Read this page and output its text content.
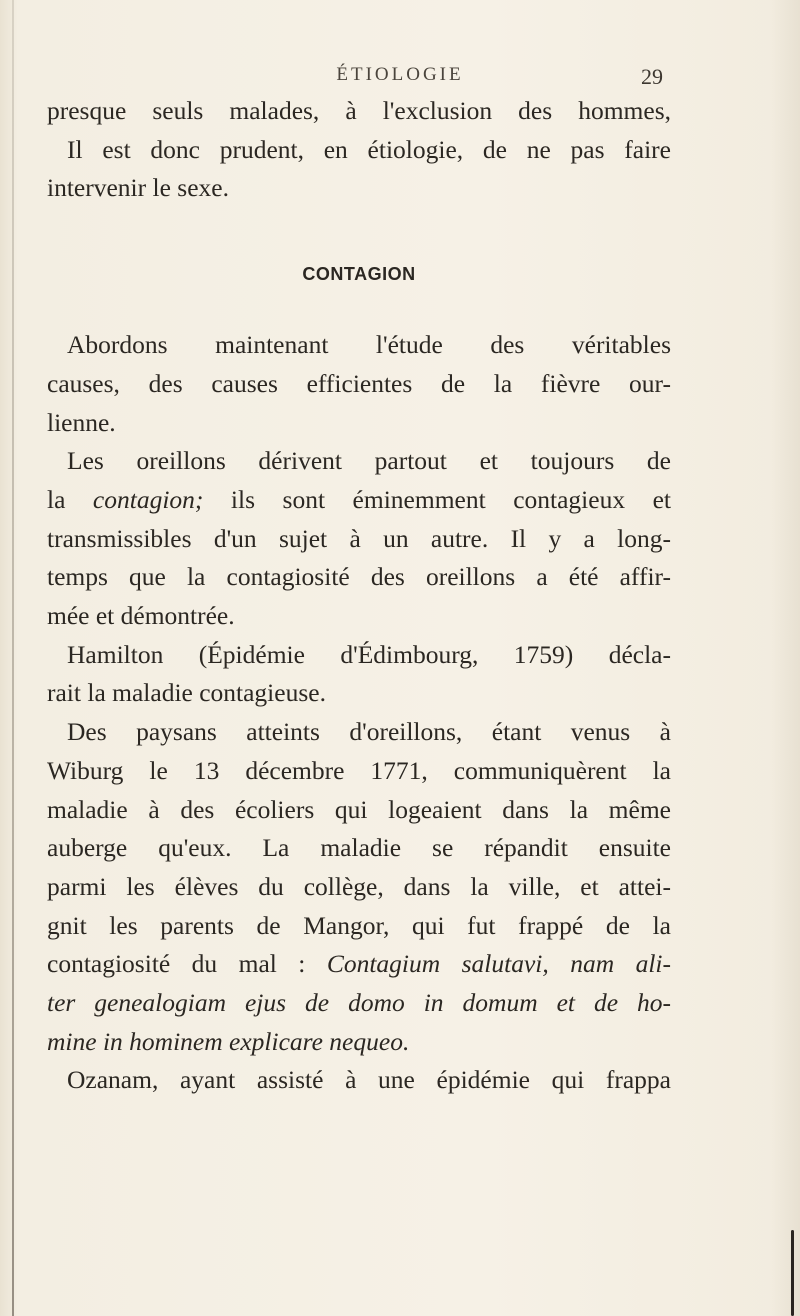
ÉTIOLOGIE	29
presque seuls malades, à l'exclusion des hommes,
Il est donc prudent, en étiologie, de ne pas faire
intervenir le sexe.
CONTAGION
Abordons maintenant l'étude des véritables
causes, des causes efficientes de la fièvre our-
lienne.
Les oreillons dérivent partout et toujours de
la contagion; ils sont éminemment contagieux et
transmissibles d'un sujet à un autre. Il y a long-
temps que la contagiosité des oreillons a été affir-
mée et démontrée.
Hamilton (Épidémie d'Édimbourg, 1759) décla-
rait la maladie contagieuse.
Des paysans atteints d'oreillons, étant venus à
Wiburg le 13 décembre 1771, communiquèrent la
maladie à des écoliers qui logeaient dans la même
auberge qu'eux. La maladie se répandit ensuite
parmi les élèves du collège, dans la ville, et attei-
gnit les parents de Mangor, qui fut frappé de la
contagiosité du mal : Contagium salutavi, nam ali-
ter genealogiam ejus de domo in domum et de ho-
mine in hominem explicare nequeo.
Ozanam, ayant assisté à une épidémie qui frappa
